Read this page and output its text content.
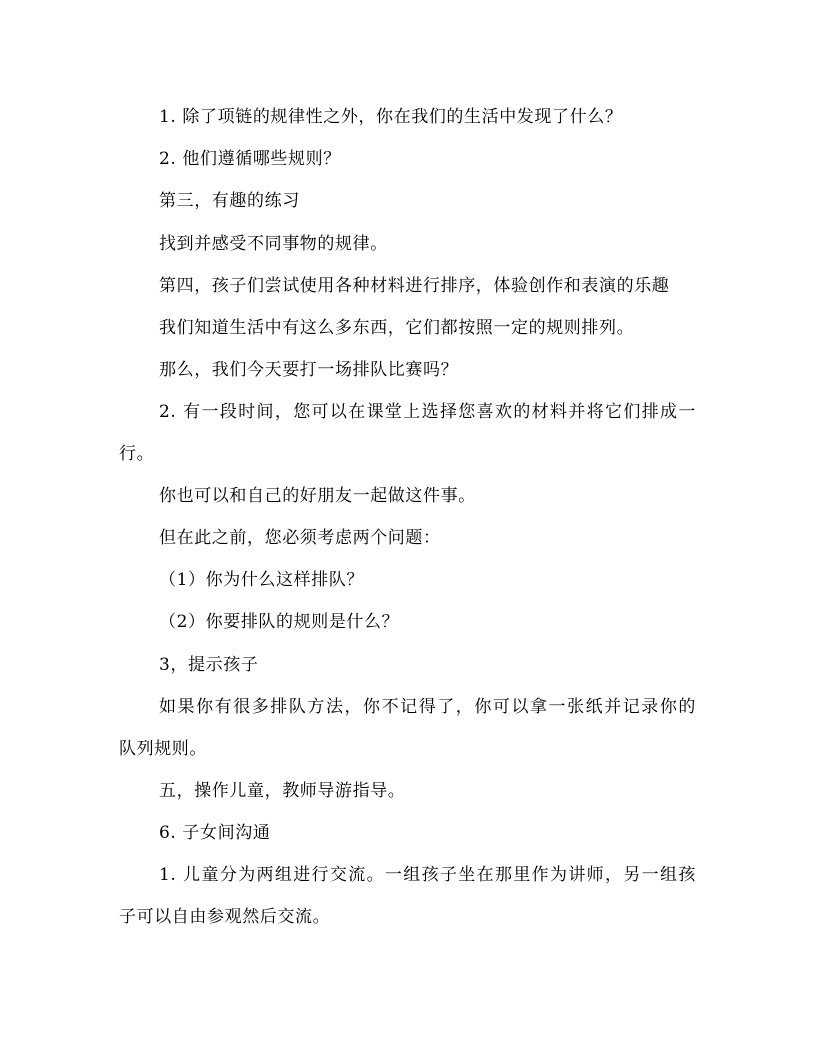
1. 除了项链的规律性之外，你在我们的生活中发现了什么？
2. 他们遵循哪些规则？
第三，有趣的练习
找到并感受不同事物的规律。
第四，孩子们尝试使用各种材料进行排序，体验创作和表演的乐趣
我们知道生活中有这么多东西，它们都按照一定的规则排列。
那么，我们今天要打一场排队比赛吗？
2. 有一段时间，您可以在课堂上选择您喜欢的材料并将它们排成一
行。
你也可以和自己的好朋友一起做这件事。
但在此之前，您必须考虑两个问题：
（1）你为什么这样排队？
（2）你要排队的规则是什么？
3，提示孩子
如果你有很多排队方法，你不记得了，你可以拿一张纸并记录你的
队列规则。
五，操作儿童，教师导游指导。
6. 子女间沟通
1. 儿童分为两组进行交流。一组孩子坐在那里作为讲师，另一组孩
子可以自由参观然后交流。
